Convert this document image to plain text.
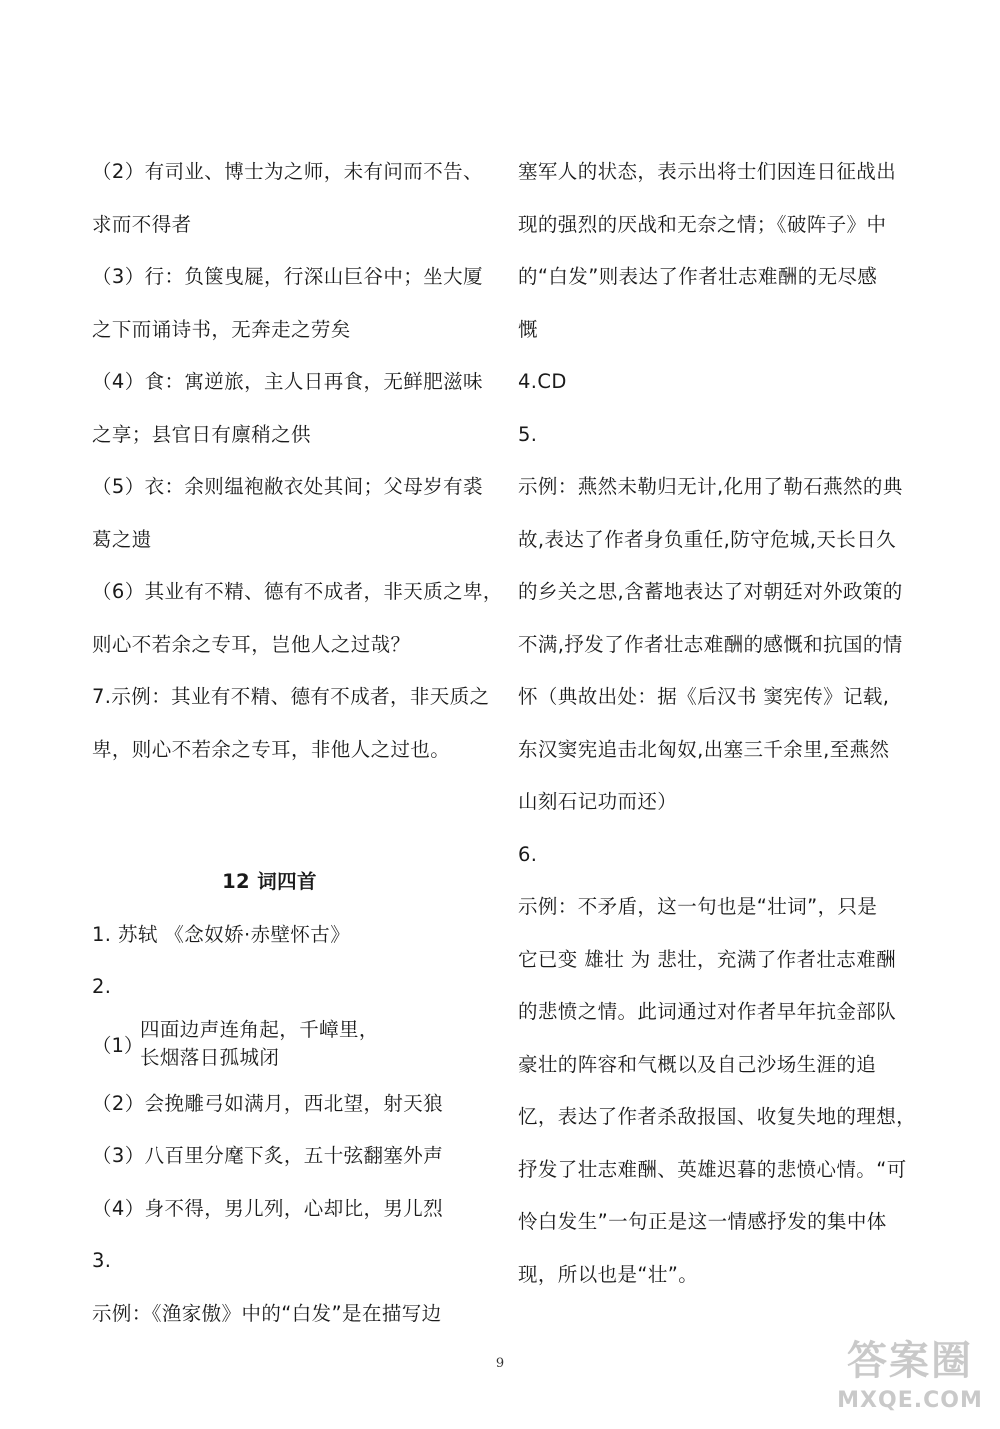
（2）有司业、博士为之师，未有问而不告、
求而不得者
（3）行：负箧曳屣，行深山巨谷中；坐大厦
之下而诵诗书，无奔走之劳矣
（4）食：寓逆旅，主人日再食，无鲜肥滋味
之享；县官日有廪稍之供
（5）衣：余则缊袍敝衣处其间；父母岁有裘
葛之遗
（6）其业有不精、德有不成者，非天质之卑，
则心不若余之专耳，岂他人之过哉？
7.示例：其业有不精、德有不成者，非天质之
卑，则心不若余之专耳，非他人之过也。
12 词四首
1. 苏轼 《念奴娇·赤壁怀古》
2.
（1）
四面边声连角起，千嶂里，
长烟落日孤城闭
（2）会挽雕弓如满月，西北望，射天狼
（3）八百里分麾下炙，五十弦翻塞外声
（4）身不得，男儿列，心却比，男儿烈
3.
示例：《渔家傲》中的“白发”是在描写边
塞军人的状态，表示出将士们因连日征战出
现的强烈的厌战和无奈之情；《破阵子》中
的“白发”则表达了作者壮志难酬的无尽感
慨
4.CD
5.
示例：燕然未勒归无计,化用了勒石燕然的典
故,表达了作者身负重任,防守危城,天长日久
的乡关之思,含蓄地表达了对朝廷对外政策的
不满,抒发了作者壮志难酬的感慨和抗国的情
怀（典故出处：据《后汉书 窦宪传》记载,
东汉窦宪追击北匈奴,出塞三千余里,至燕然
山刻石记功而还）
6.
示例：不矛盾，这一句也是“壮词”，只是
它已变 雄壮 为 悲壮，充满了作者壮志难酬
的悲愤之情。此词通过对作者早年抗金部队
豪壮的阵容和气概以及自己沙场生涯的追
忆，表达了作者杀敌报国、收复失地的理想，
抒发了壮志难酬、英雄迟暮的悲愤心情。“可
怜白发生”一句正是这一情感抒发的集中体
现，所以也是“壮”。
9	答案圈
MXQE.COM
